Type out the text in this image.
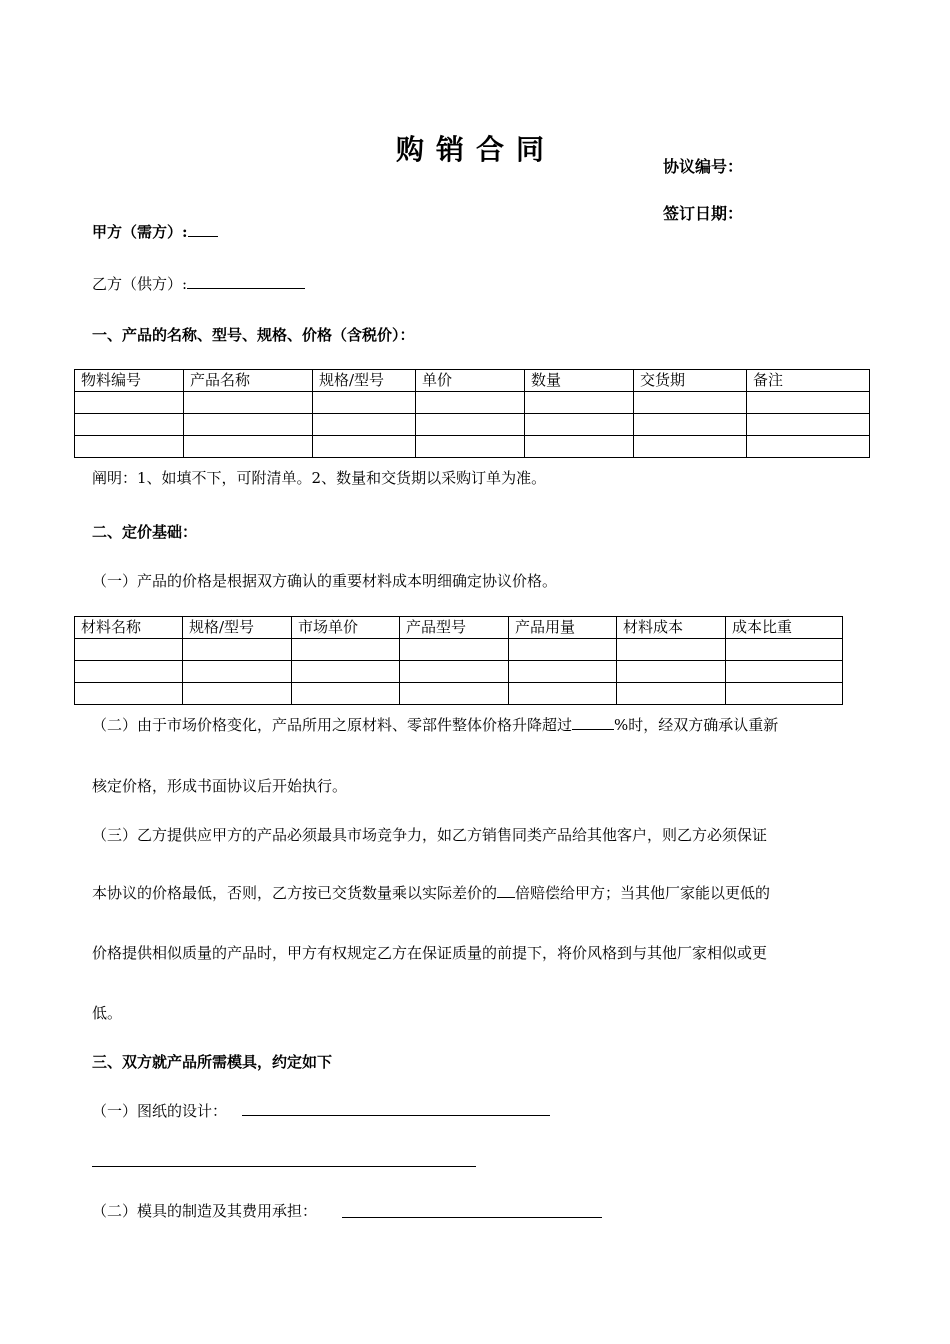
购销合同
协议编号：
签订日期：
甲方（需方）:
乙方（供方）:
一、产品的名称、型号、规格、价格（含税价）：
物料编号	产品名称	规格/型号	单价	数量	交货期	备注

阐明：1、如填不下，可附清单。2、数量和交货期以采购订单为准。
二、定价基础：
（一）产品的价格是根据双方确认的重要材料成本明细确定协议价格。
材料名称	规格/型号	市场单价	产品型号	产品用量	材料成本	成本比重

（二）由于市场价格变化，产品所用之原材料、零部件整体价格升降超过	%时，经双方确承认重新
核定价格，形成书面协议后开始执行。
（三）乙方提供应甲方的产品必须最具市场竞争力，如乙方销售同类产品给其他客户，则乙方必须保证
本协议的价格最低，否则，乙方按已交货数量乘以实际差价的 倍赔偿给甲方；当其他厂家能以更低的
价格提供相似质量的产品时，甲方有权规定乙方在保证质量的前提下，将价风格到与其他厂家相似或更
低。
三、双方就产品所需模具，约定如下
（一）图纸的设计：
（二）模具的制造及其费用承担：
